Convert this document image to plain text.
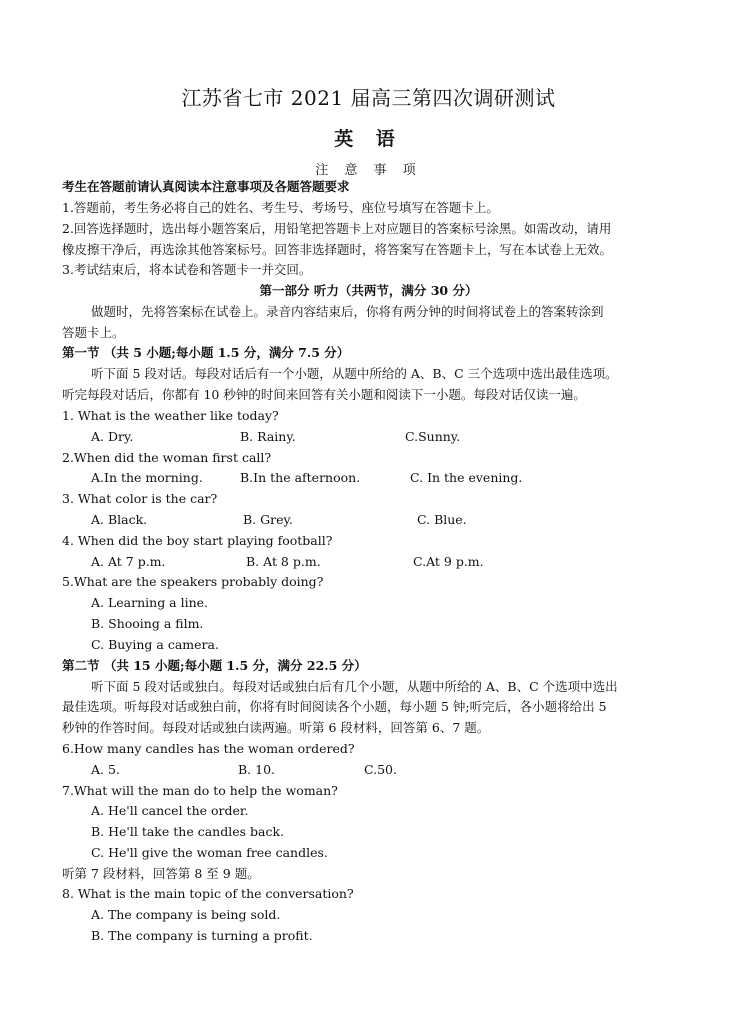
江苏省七市 2021 届高三第四次调研测试
英 语
注 意 事 项
考生在答题前请认真阅读本注意事项及各题答题要求
1.答题前，考生务必将自己的姓名、考生号、考场号、座位号填写在答题卡上。
2.回答选择题时，选出每小题答案后，用铅笔把答题卡上对应题目的答案标号涂黑。如需改动，请用
橡皮擦干净后，再选涂其他答案标号。回答非选择题时，将答案写在答题卡上，写在本试卷上无效。
3.考试结束后，将本试卷和答题卡一并交回。
第一部分 听力（共两节，满分 30 分）
做题时，先将答案标在试卷上。录音内容结束后，你将有两分钟的时间将试卷上的答案转涂到
答题卡上。
第一节 （共 5 小题;每小题 1.5 分，满分 7.5 分）
听下面 5 段对话。每段对话后有一个小题，从题中所给的 A、B、C 三个选项中选出最佳选项。
听完每段对话后，你都有 10 秒钟的时间来回答有关小题和阅读下一小题。每段对话仅读一遍。
1. What is the weather like today?
A. Dry.	B. Rainy.	C.Sunny.
2.When did the woman first call?
A.In the morning.	B.In the afternoon.	C. In the evening.
3. What color is the car?
A. Black.	B. Grey.	C. Blue.
4. When did the boy start playing football?
A. At 7 p.m.	B. At 8 p.m.	C.At 9 p.m.
5.What are the speakers probably doing?
A. Learning a line.
B. Shooing a film.
C. Buying a camera.
第二节 （共 15 小题;每小题 1.5 分，满分 22.5 分）
听下面 5 段对话或独白。每段对话或独白后有几个小题，从题中所给的 A、B、C 个选项中选出
最佳选项。听每段对话或独白前，你将有时间阅读各个小题，每小题 5 钟;听完后，各小题将给出 5
秒钟的作答时间。每段对话或独白读两遍。听第 6 段材料，回答第 6、7 题。
6.How many candles has the woman ordered?
A. 5.	B. 10.	C.50.
7.What will the man do to help the woman?
A. He'll cancel the order.
B. He'll take the candles back.
C. He'll give the woman free candles.
听第 7 段材料，回答第 8 至 9 题。
8. What is the main topic of the conversation?
A. The company is being sold.
B. The company is turning a profit.
